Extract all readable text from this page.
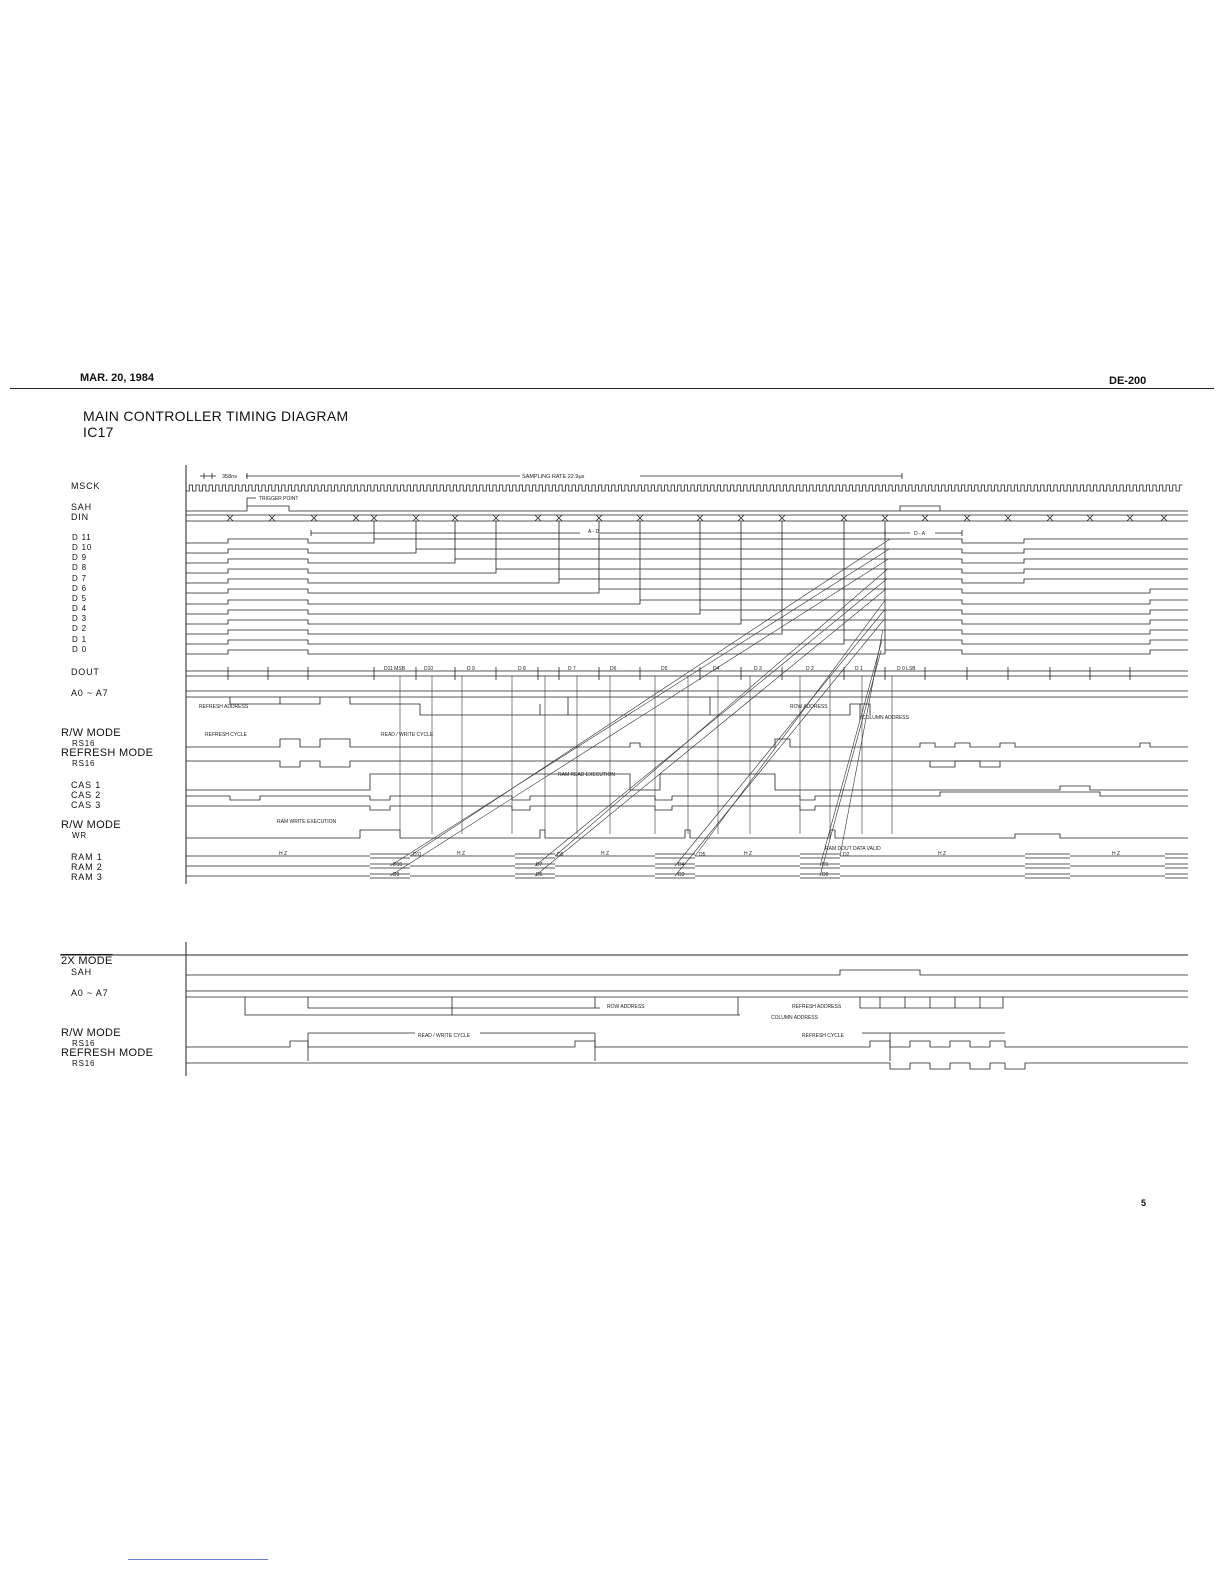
MAR. 20, 1984	DE-200
MAIN CONTROLLER TIMING DIAGRAM
IC17
MSCK
SAH
DIN
D 11
D 10
D 9
D 8
D 7
D 6
D 5
D 4
D 3
D 2
D 1
D 0
DOUT
A0 ~ A7
R/W MODE
RS16
REFRESH MODE
RS16
CAS 1
CAS 2
CAS 3
R/W MODE
WR
RAM 1
RAM 2
RAM 3
2X MODE
SAH
A0 ~ A7
R/W MODE
RS16
REFRESH MODE
RS16
358ns	SAMPLING RATE 22.9μs
TRIGGER POINT
A - D	D - A
REFRESH ADDRESS	ROW ADDRESS
COLUMN ADDRESS
REFRESH CYCLE	READ / WRITE CYCLE
RAM READ EXECUTION
RAM WRITE EXECUTION
RAM DOUT DATA VALID
H Z	H Z	H Z	H Z	H Z	H Z
D11 MSB	D10	D 9	D 8	D 7	D6	D5	D4	D 3	D 2	D 1	D 0 LSB
D11
D10
D9
D8
D7
D6
D5
D4
D3
D2
D1
D0
ROW ADDRESS
COLUMN ADDRESS
REFRESH ADDRESS
READ / WRITE CYCLE	REFRESH CYCLE
5
